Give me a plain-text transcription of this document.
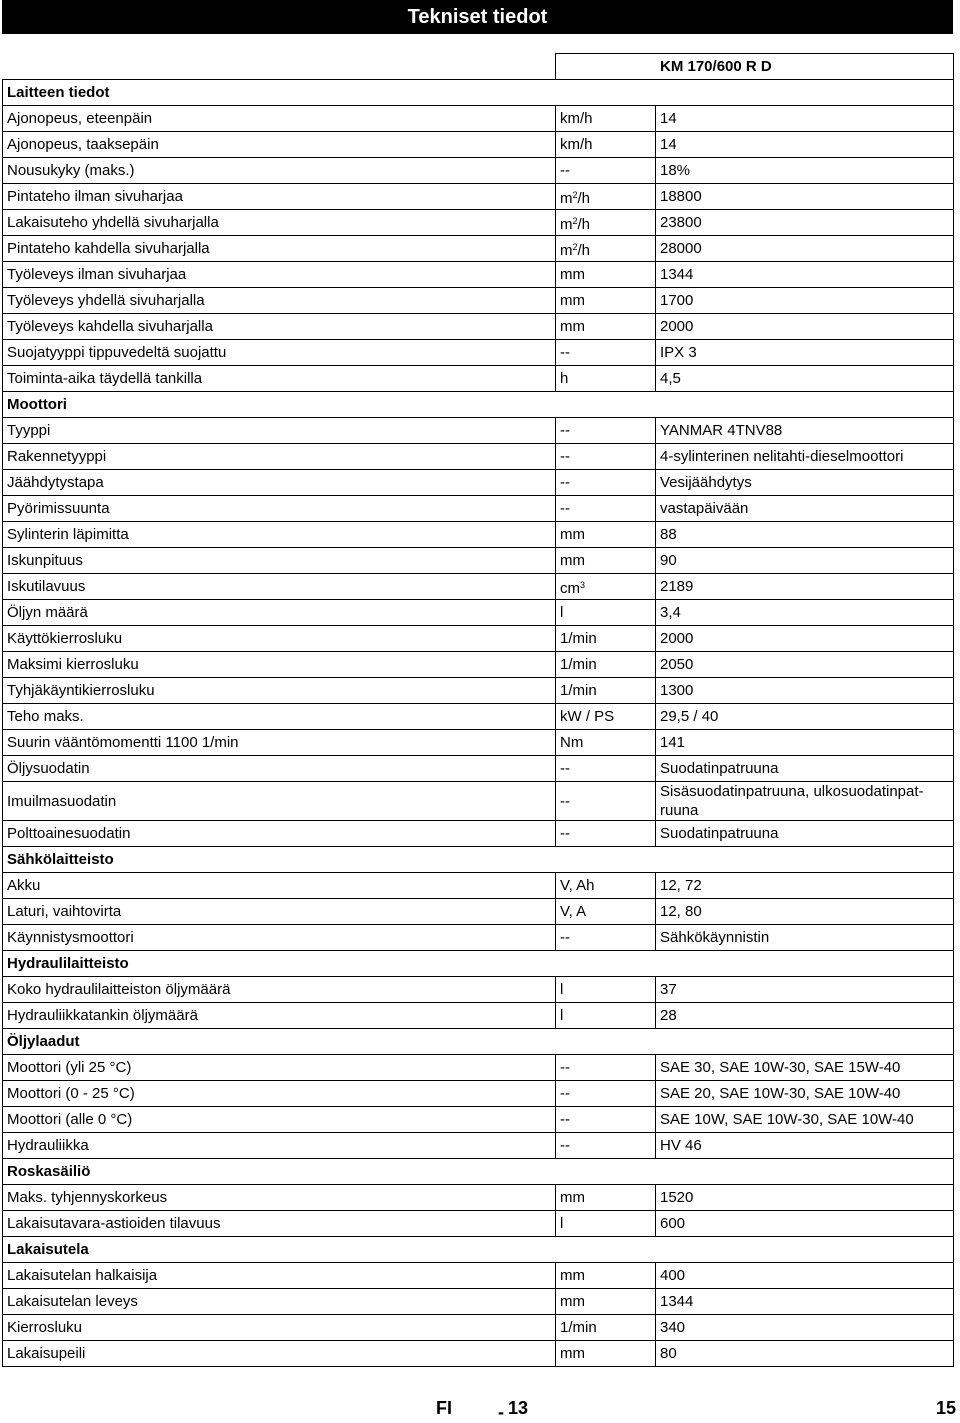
Tekniset tiedot
	KM 170/600 R D	
Laitteen tiedot		
Ajonopeus, eteenpäin	km/h	14
Ajonopeus, taaksepäin	km/h	14
Nousukyky (maks.)	--	18%
Pintateho ilman sivuharjaa	$m^2/h$	18800
Lakaisuteho yhdellä sivuharjalla	$m^2/h$	23800
Pintateho kahdella sivuharjalla	$m^2/h$	28000
Työleveys ilman sivuharjaa	mm	1344
Työleveys yhdellä sivuharjalla	mm	1700
Työleveys kahdella sivuharjalla	mm	2000
Suojatyyppi tippuvedeltä suojattu	--	IPX 3
Toiminta-aika täydellä tankilla	h	4,5
Moottori		
Tyyppi	--	YANMAR 4TNV88
Rakennetyyppi	--	4-sylinterinen nelitahti-dieselmoottori
Jäähdytystapa	--	Vesijäähdytys
Pyörimissuunta	--	vastapäivään
Sylinterin läpimitta	mm	88
Iskunpituus	mm	90
Iskutilavuus	$cm^3$	2189
Öljyn määrä	l	3,4
Käyttökierrosluku	1/min	2000
Maksimi kierrosluku	1/min	2050
Tyhjäkäyntikierrosluku	1/min	1300
Teho maks.	kW / PS	29,5 / 40
Suurin vääntömomentti 1100 1/min	Nm	141
Öljysuodatin	--	Suodatinpatruuna
Imuilmasuodatin	--	Sisäsuodatinpatruuna, ulkosuodatinpat-ruuna
Polttoainesuodatin	--	Suodatinpatruuna
Sähkölaitteisto		
Akku	V, Ah	12, 72
Laturi, vaihtovirta	V, A	12, 80
Käynnistysmoottori	--	Sähkökäynnistin
Hydraulilaitteisto		
Koko hydraulilaitteiston öljymäärä	l	37
Hydrauliikkatankin öljymäärä	l	28
Öljylaadut		
Moottori (yli 25 °C)	--	SAE 30, SAE 10W-30, SAE 15W-40
Moottori (0 - 25 °C)	--	SAE 20, SAE 10W-30, SAE 10W-40
Moottori (alle 0 °C)	--	SAE 10W, SAE 10W-30, SAE 10W-40
Hydrauliikka	--	HV 46
Roskasäiliö		
Maks. tyhjennyskorkeus	mm	1520
Lakaisutavara-astioiden tilavuus	l	600
Lakaisutela		
Lakaisutelan halkaisija	mm	400
Lakaisutelan leveys	mm	1344
Kierrosluku	1/min	340
Lakaisupeili	mm	80
FI	- 13	15
